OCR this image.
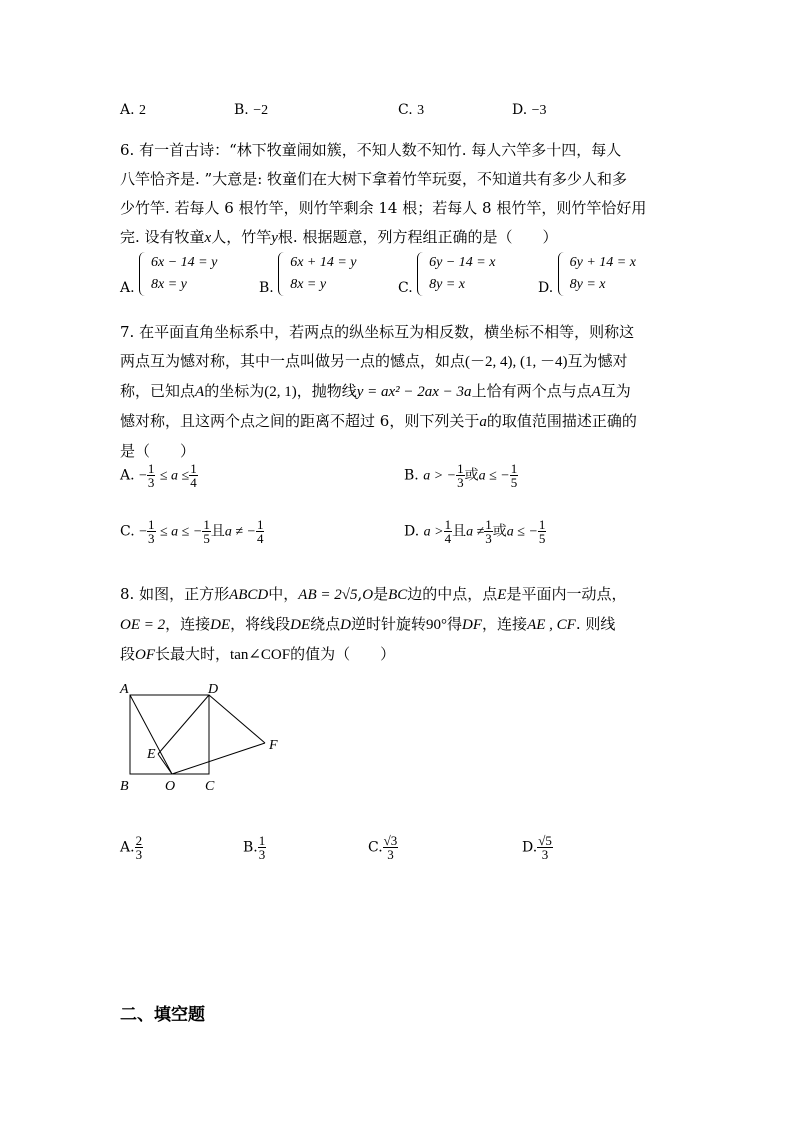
A. 2	B. −2	C. 3	D. −3
6. 有一首古诗：“林下牧童闹如簇，不知人数不知竹. 每人六竿多十四，每人
八竿恰齐是. ”大意是: 牧童们在大树下拿着竹竿玩耍，不知道共有多少人和多
少竹竿. 若每人 6 根竹竿，则竹竿剩余 14 根；若每人 8 根竹竿，则竹竿恰好用
完. 设有牧童x人，竹竿y根. 根据题意，列方程组正确的是（　　）
A.
6x − 14 = y
8x = y	B.
6x + 14 = y
8x = y	C.
6y − 14 = x
8y = x	D.
6y + 14 = x
8y = x
7. 在平面直角坐标系中，若两点的纵坐标互为相反数，横坐标不相等，则称这
两点互为憾对称，其中一点叫做另一点的憾点，如点(－2, 4), (1, －4)互为憾对
称，已知点A的坐标为(2, 1)，抛物线y = ax² − 2ax − 3a上恰有两个点与点A互为
憾对称，且这两个点之间的距离不超过 6，则下列关于a的取值范围描述正确的
是（　　）
A. − $\frac{1}{3} \le a \le \frac{1}{4}$	B. a > − $\frac{1}{3}$ 或a ≤ − $\frac{1}{5}$
C. − $\frac{1}{3} \le a$ ≤ − $\frac{1}{5}$ 且a ≠ − $\frac{1}{4}$	D. $a > \frac{1}{4}$ 且$a \ne \frac{1}{3}$ 或a ≤ − $\frac{1}{5}$
8. 如图，正方形ABCD中，AB = 2√5,O是BC边的中点，点E是平面内一动点，
OE = 2，连接DE，将线段DE绕点D逆时针旋转90°得DF，连接AE , CF. 则线
段OF长最大时，tan∠COF的值为（　　）
A	D
E
F
B	O C
A. $\frac{2}{3}$	B. $\frac{1}{3}$	C. $\frac{√3}{3}$	D. $\frac{√5}{3}$
二、填空题
